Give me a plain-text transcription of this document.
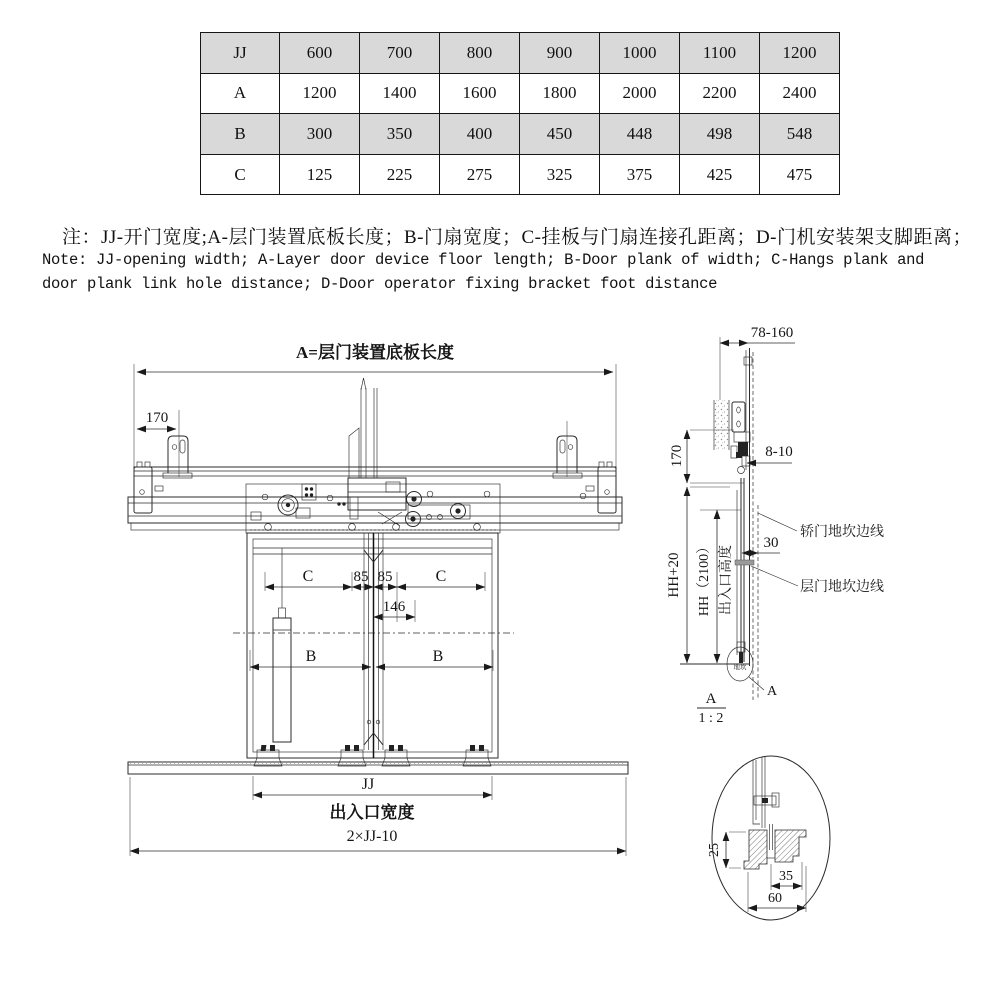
JJ	600	700	800	900	1000	1100	1200
A	1200	1400	1600	1800	2000	2200	2400
B	300	350	400	450	448	498	548
C	125	225	275	325	375	425	475
注：JJ-开门宽度;A-层门装置底板长度；B-门扇宽度；C-挂板与门扇连接孔距离；D-门机安装架支脚距离；
Note: JJ-opening width; A-Layer door device floor length; B-Door plank of width; C-Hangs plank and
door plank link hole distance; D-Door operator fixing bracket foot distance
A=层门装置底板长度
170
C	85 85	C
146
B	B
JJ
出入口宽度
2×JJ-10
78-160
170	8-10
30
HH+20 HH（2100） 出入口高度
轿门地坎边线
层门地坎边线
地坎
A
A
1 : 2
25
35
60
